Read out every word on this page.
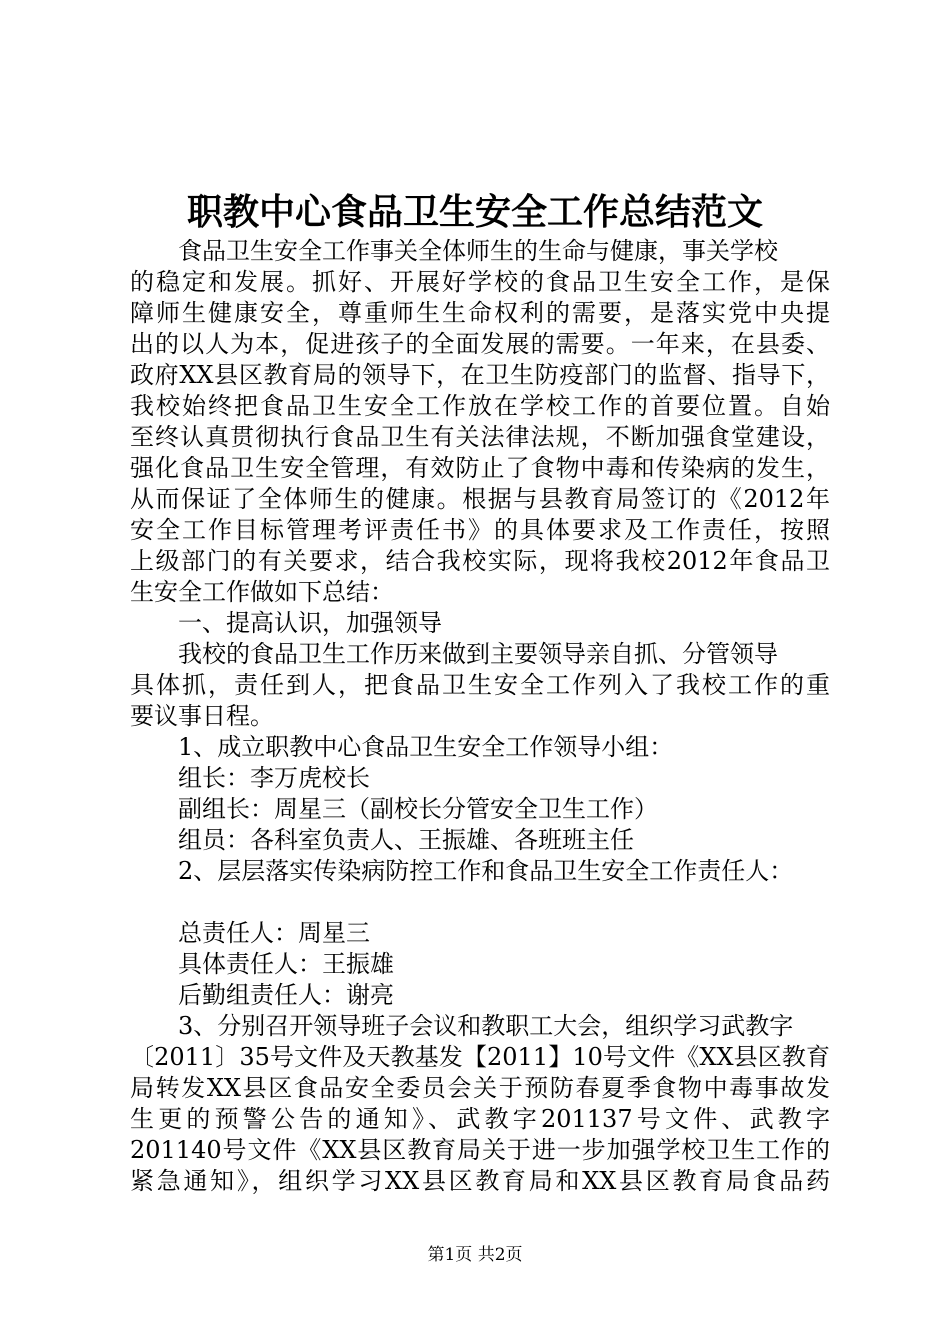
职教中心食品卫生安全工作总结范文
食品卫生安全工作事关全体师生的生命与健康，事关学校
的稳定和发展。抓好、开展好学校的食品卫生安全工作，是保
障师生健康安全，尊重师生生命权利的需要，是落实党中央提
出的以人为本，促进孩子的全面发展的需要。一年来，在县委、
政府XX县区教育局的领导下，在卫生防疫部门的监督、指导下，
我校始终把食品卫生安全工作放在学校工作的首要位置。自始
至终认真贯彻执行食品卫生有关法律法规，不断加强食堂建设，
强化食品卫生安全管理，有效防止了食物中毒和传染病的发生，
从而保证了全体师生的健康。根据与县教育局签订的《2012年
安全工作目标管理考评责任书》的具体要求及工作责任，按照
上级部门的有关要求，结合我校实际，现将我校2012年食品卫
生安全工作做如下总结：
一、提高认识，加强领导
我校的食品卫生工作历来做到主要领导亲自抓、分管领导
具体抓，责任到人，把食品卫生安全工作列入了我校工作的重
要议事日程。
1、成立职教中心食品卫生安全工作领导小组：
组长：李万虎校长
副组长：周星三（副校长分管安全卫生工作）
组员：各科室负责人、王振雄、各班班主任
2、层层落实传染病防控工作和食品卫生安全工作责任人：
总责任人：周星三
具体责任人：王振雄
后勤组责任人：谢亮
3、分别召开领导班子会议和教职工大会，组织学习武教字
〔2011〕35号文件及天教基发【2011】10号文件《XX县区教育
局转发XX县区食品安全委员会关于预防春夏季食物中毒事故发
生更的预警公告的通知》、武教字201137号文件、武教字
201140号文件《XX县区教育局关于进一步加强学校卫生工作的
紧急通知》，组织学习XX县区教育局和XX县区教育局食品药
第1页 共2页
